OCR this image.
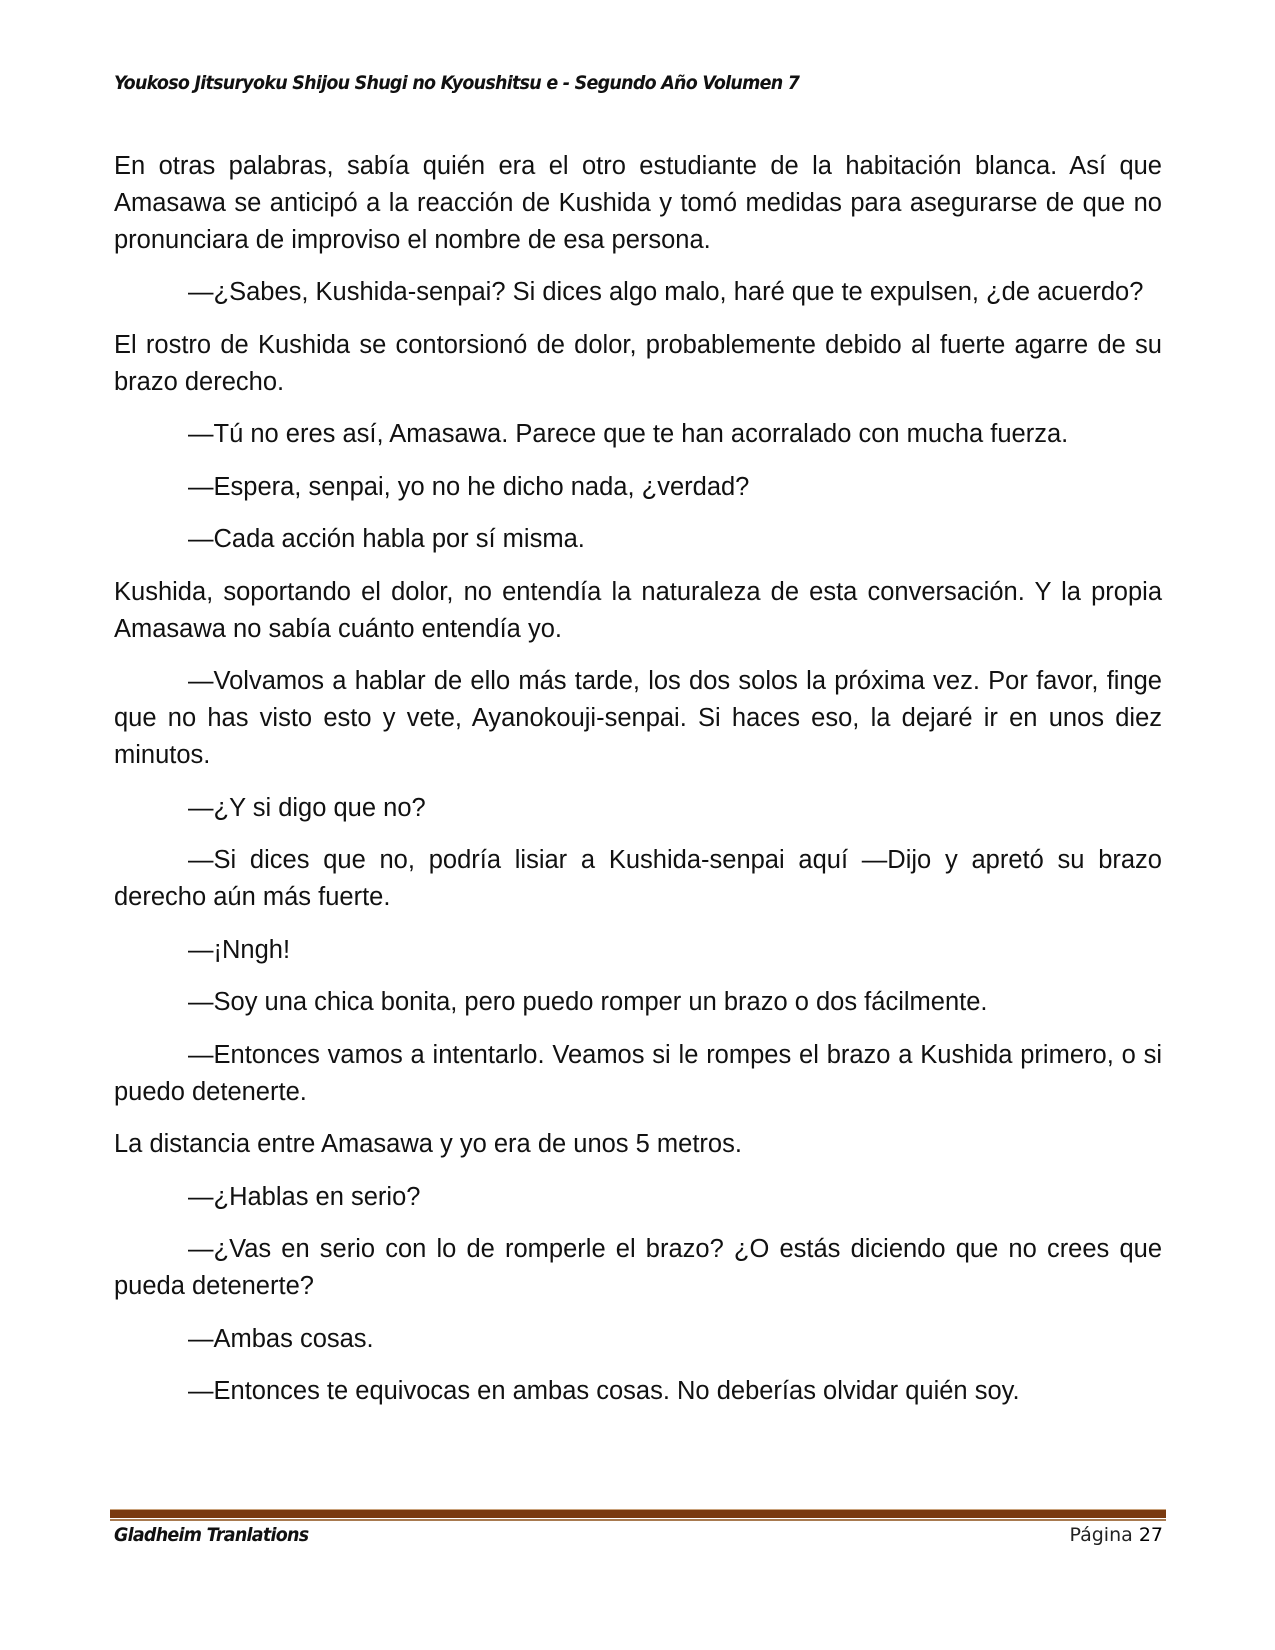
Youkoso Jitsuryoku Shijou Shugi no Kyoushitsu e - Segundo Año Volumen 7

En otras palabras, sabía quién era el otro estudiante de la habitación blanca. Así que Amasawa se anticipó a la reacción de Kushida y tomó medidas para asegurarse de que no pronunciara de improviso el nombre de esa persona.

—¿Sabes, Kushida-senpai? Si dices algo malo, haré que te expulsen, ¿de acuerdo?

El rostro de Kushida se contorsionó de dolor, probablemente debido al fuerte agarre de su brazo derecho.

—Tú no eres así, Amasawa. Parece que te han acorralado con mucha fuerza.

—Espera, senpai, yo no he dicho nada, ¿verdad?

—Cada acción habla por sí misma.

Kushida, soportando el dolor, no entendía la naturaleza de esta conversación. Y la propia Amasawa no sabía cuánto entendía yo.

—Volvamos a hablar de ello más tarde, los dos solos la próxima vez. Por favor, finge que no has visto esto y vete, Ayanokouji-senpai. Si haces eso, la dejaré ir en unos diez minutos.

—¿Y si digo que no?

—Si dices que no, podría lisiar a Kushida-senpai aquí —Dijo y apretó su brazo derecho aún más fuerte.

—¡Nngh!

—Soy una chica bonita, pero puedo romper un brazo o dos fácilmente.

—Entonces vamos a intentarlo. Veamos si le rompes el brazo a Kushida primero, o si puedo detenerte.

La distancia entre Amasawa y yo era de unos 5 metros.

—¿Hablas en serio?

—¿Vas en serio con lo de romperle el brazo? ¿O estás diciendo que no crees que pueda detenerte?

—Ambas cosas.

—Entonces te equivocas en ambas cosas. No deberías olvidar quién soy.

Gladheim Tranlations	Página 27
